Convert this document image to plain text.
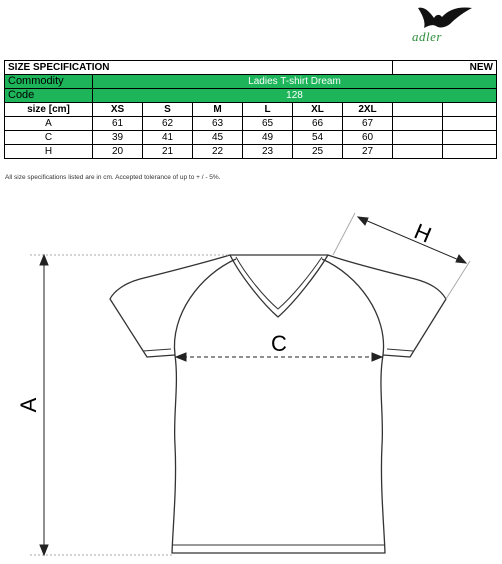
adler
SIZE SPECIFICATION							NEW	
Commodity	Ladies T-shirt Dream							
Code	128							
size [cm]	XS	S	M	L	XL	2XL		
A	61	62	63	65	66	67		
C	39	41	45	49	54	60		
H	20	21	22	23	25	27		
All size specifications listed are in cm. Accepted tolerance of up to + / - 5%.
A
C
H
